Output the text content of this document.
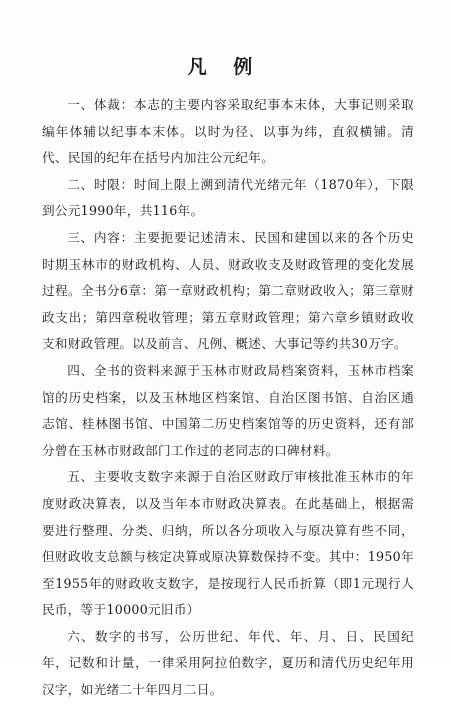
凡 例

一、体裁：本志的主要内容采取纪事本末体，大事记则采取编年体辅以纪事本末体。以时为径、以事为纬，直叙横铺。清代、民国的纪年在括号内加注公元纪年。

二、时限：时间上限上溯到清代光绪元年（1870年），下限到公元1990年，共116年。

三、内容：主要扼要记述清末、民国和建国以来的各个历史时期玉林市的财政机构、人员、财政收支及财政管理的变化发展过程。全书分6章：第一章财政机构；第二章财政收入；第三章财政支出；第四章税收管理；第五章财政管理；第六章乡镇财政收支和财政管理。以及前言、凡例、概述、大事记等约共30万字。

四、全书的资料来源于玉林市财政局档案资料，玉林市档案馆的历史档案，以及玉林地区档案馆、自治区图书馆、自治区通志馆、桂林图书馆、中国第二历史档案馆等的历史资料，还有部分曾在玉林市财政部门工作过的老同志的口碑材料。

五、主要收支数字来源于自治区财政厅审核批准玉林市的年度财政决算表，以及当年本市财政决算表。在此基础上，根据需要进行整理、分类、归纳，所以各分项收入与原决算有些不同，但财政收支总额与核定决算或原决算数保持不变。其中：1950年至1955年的财政收支数字，是按现行人民币折算（即1元现行人民币，等于10000元旧币）

六、数字的书写，公历世纪、年代、年、月、日、民国纪年，记数和计量，一律采用阿拉伯数字，夏历和清代历史纪年用汉字，如光绪二十年四月二日。
